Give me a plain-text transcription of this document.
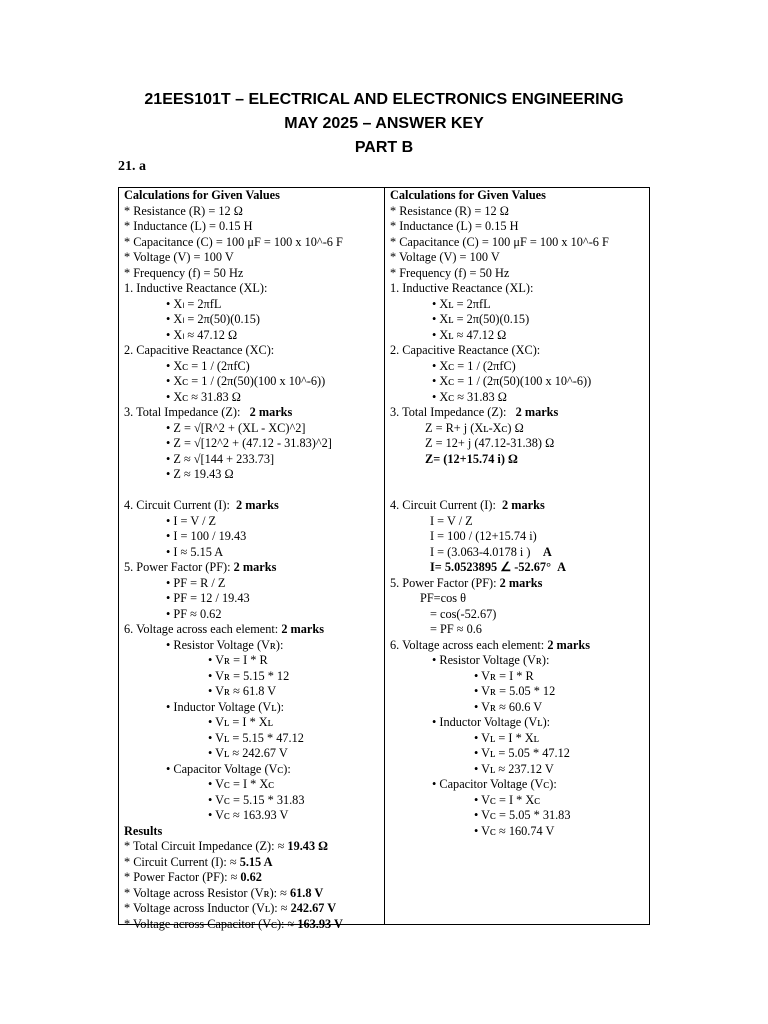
21EES101T – ELECTRICAL AND ELECTRONICS ENGINEERING
MAY 2025 – ANSWER KEY
PART B
21. a
Calculations for Given Values
* Resistance (R) = 12 Ω
* Inductance (L) = 0.15 H
* Capacitance (C) = 100 μF = 100 x 10^-6 F
* Voltage (V) = 100 V
* Frequency (f) = 50 Hz
1. Inductive Reactance (XL):
• Xₗ = 2πfL
• Xₗ = 2π(50)(0.15)
• Xₗ ≈ 47.12 Ω
2. Capacitive Reactance (XC):
• Xᴄ = 1 / (2πfC)
• Xᴄ = 1 / (2π(50)(100 x 10^-6))
• Xᴄ ≈ 31.83 Ω
3. Total Impedance (Z): 2 marks
• Z = √[R^2 + (XL - XC)^2]
• Z = √[12^2 + (47.12 - 31.83)^2]
• Z ≈ √[144 + 233.73]
• Z ≈ 19.43 Ω
4. Circuit Current (I): 2 marks
• I = V / Z
• I = 100 / 19.43
• I ≈ 5.15 A
5. Power Factor (PF): 2 marks
• PF = R / Z
• PF = 12 / 19.43
• PF ≈ 0.62
6. Voltage across each element: 2 marks
• Resistor Voltage (Vʀ):
• Vʀ = I * R
• Vʀ = 5.15 * 12
• Vʀ ≈ 61.8 V
• Inductor Voltage (Vʟ):
• Vʟ = I * Xʟ
• Vʟ = 5.15 * 47.12
• Vʟ ≈ 242.67 V
• Capacitor Voltage (Vᴄ):
• Vᴄ = I * Xᴄ
• Vᴄ = 5.15 * 31.83
• Vᴄ ≈ 163.93 V
Results
* Total Circuit Impedance (Z): ≈ 19.43 Ω
* Circuit Current (I): ≈ 5.15 A
* Power Factor (PF): ≈ 0.62
* Voltage across Resistor (Vʀ): ≈ 61.8 V
* Voltage across Inductor (Vʟ): ≈ 242.67 V
* Voltage across Capacitor (Vᴄ): ≈ 163.93 V
Calculations for Given Values
* Resistance (R) = 12 Ω
* Inductance (L) = 0.15 H
* Capacitance (C) = 100 μF = 100 x 10^-6 F
* Voltage (V) = 100 V
* Frequency (f) = 50 Hz
1. Inductive Reactance (XL):
• Xʟ = 2πfL
• Xʟ = 2π(50)(0.15)
• Xʟ ≈ 47.12 Ω
2. Capacitive Reactance (XC):
• Xᴄ = 1 / (2πfC)
• Xᴄ = 1 / (2π(50)(100 x 10^-6))
• Xᴄ ≈ 31.83 Ω
3. Total Impedance (Z): 2 marks
Z = R+ j (Xʟ-Xᴄ) Ω
Z = 12+ j (47.12-31.38) Ω
Z= (12+15.74 i) Ω
4. Circuit Current (I): 2 marks
I = V / Z
I = 100 / (12+15.74 i)
I = (3.063-4.0178 i ) A
I= 5.0523895 ∠ -52.67° A
5. Power Factor (PF): 2 marks
PF=cos θ
= cos(-52.67)
= PF ≈ 0.6
6. Voltage across each element: 2 marks
• Resistor Voltage (Vʀ):
• Vʀ = I * R
• Vʀ = 5.05 * 12
• Vʀ ≈ 60.6 V
• Inductor Voltage (Vʟ):
• Vʟ = I * Xʟ
• Vʟ = 5.05 * 47.12
• Vʟ ≈ 237.12 V
• Capacitor Voltage (Vᴄ):
• Vᴄ = I * Xᴄ
• Vᴄ = 5.05 * 31.83
• Vᴄ ≈ 160.74 V
